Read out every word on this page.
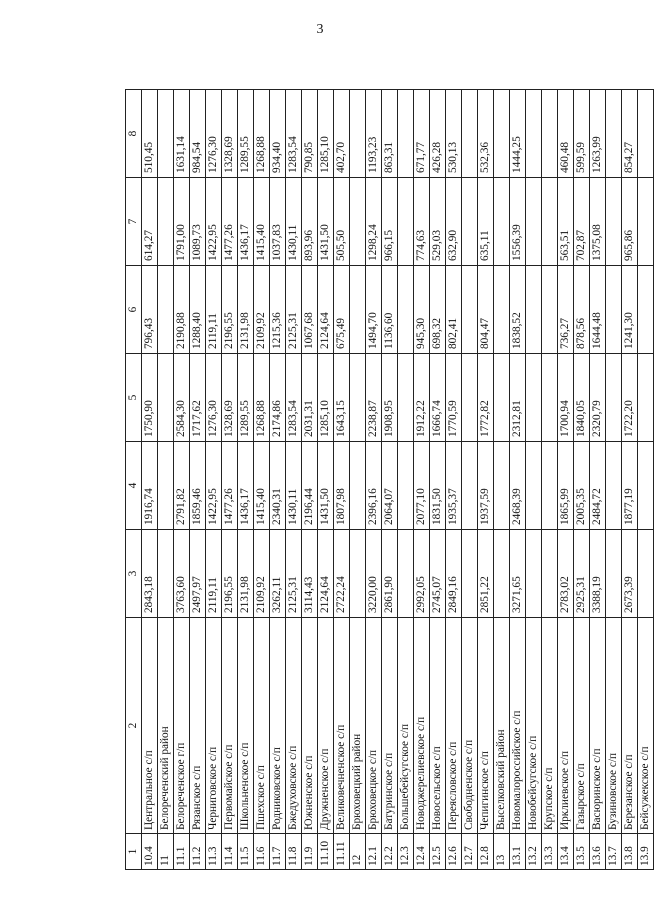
3
1	2	3	4	5	6	7	8
10.4	Центральное с/п	2843,18	1916,74	1750,90	796,43	614,27	510,45
11	Белореченский район						
11.1	Белореченское г/п	3763,60	2791,82	2584,30	2190,88	1791,00	1631,14
11.2	Рязанское с/п	2497,97	1859,46	1717,62	1288,40	1089,73	984,54
11.3	Черниговское с/п	2119,11	1422,95	1276,30	2119,11	1422,95	1276,30
11.4	Первомайское с/п	2196,55	1477,26	1328,69	2196,55	1477,26	1328,69
11.5	Школьненское с/п	2131,98	1436,17	1289,55	2131,98	1436,17	1289,55
11.6	Пшехское с/п	2109,92	1415,40	1268,88	2109,92	1415,40	1268,88
11.7	Родниковское с/п	3262,11	2340,31	2174,86	1215,36	1037,83	934,40
11.8	Бжедуховское с/п	2125,31	1430,11	1283,54	2125,31	1430,11	1283,54
11.9	Южненское с/п	3114,43	2196,44	2031,31	1067,68	893,96	790,85
11.10	Дружненское с/п	2124,64	1431,50	1285,10	2124,64	1431,50	1285,10
11.11	Великовечненское с/п	2722,24	1807,98	1643,15	675,49	505,50	402,70
12	Брюховецкий район						
12.1	Брюховецкое с/п	3220,00	2396,16	2238,87	1494,70	1298,24	1193,23
12.2	Батуринское с/п	2861,90	2064,07	1908,95	1136,60	966,15	863,31
12.3	Большебейсугское с/п						
12.4	Новоджерелиевское с/п	2992,05	2077,10	1912,22	945,30	774,63	671,77
12.5	Новосельское с/п	2745,07	1831,50	1666,74	698,32	529,03	426,28
12.6	Переясловское с/п	2849,16	1935,37	1770,59	802,41	632,90	530,13
12.7	Свободненское с/п						
12.8	Чепигинское с/п	2851,22	1937,59	1772,82	804,47	635,11	532,36
13	Выселковский район						
13.1	Новомалороссийское с/п	3271,65	2468,39	2312,81	1838,52	1556,39	1444,25
13.2	Новобейсугское с/п						
13.3	Крупское с/п						
13.4	Ирклиевское с/п	2783,02	1865,99	1700,94	736,27	563,51	460,48
13.5	Газырское с/п	2925,31	2005,35	1840,05	878,56	702,87	599,59
13.6	Васюринское с/п	3388,19	2484,72	2320,79	1644,48	1375,08	1263,99
13.7	Бузиновское с/п						
13.8	Березанское с/п	2673,39	1877,19	1722,20	1241,30	965,86	854,27
13.9	Бейсужекское с/п						
